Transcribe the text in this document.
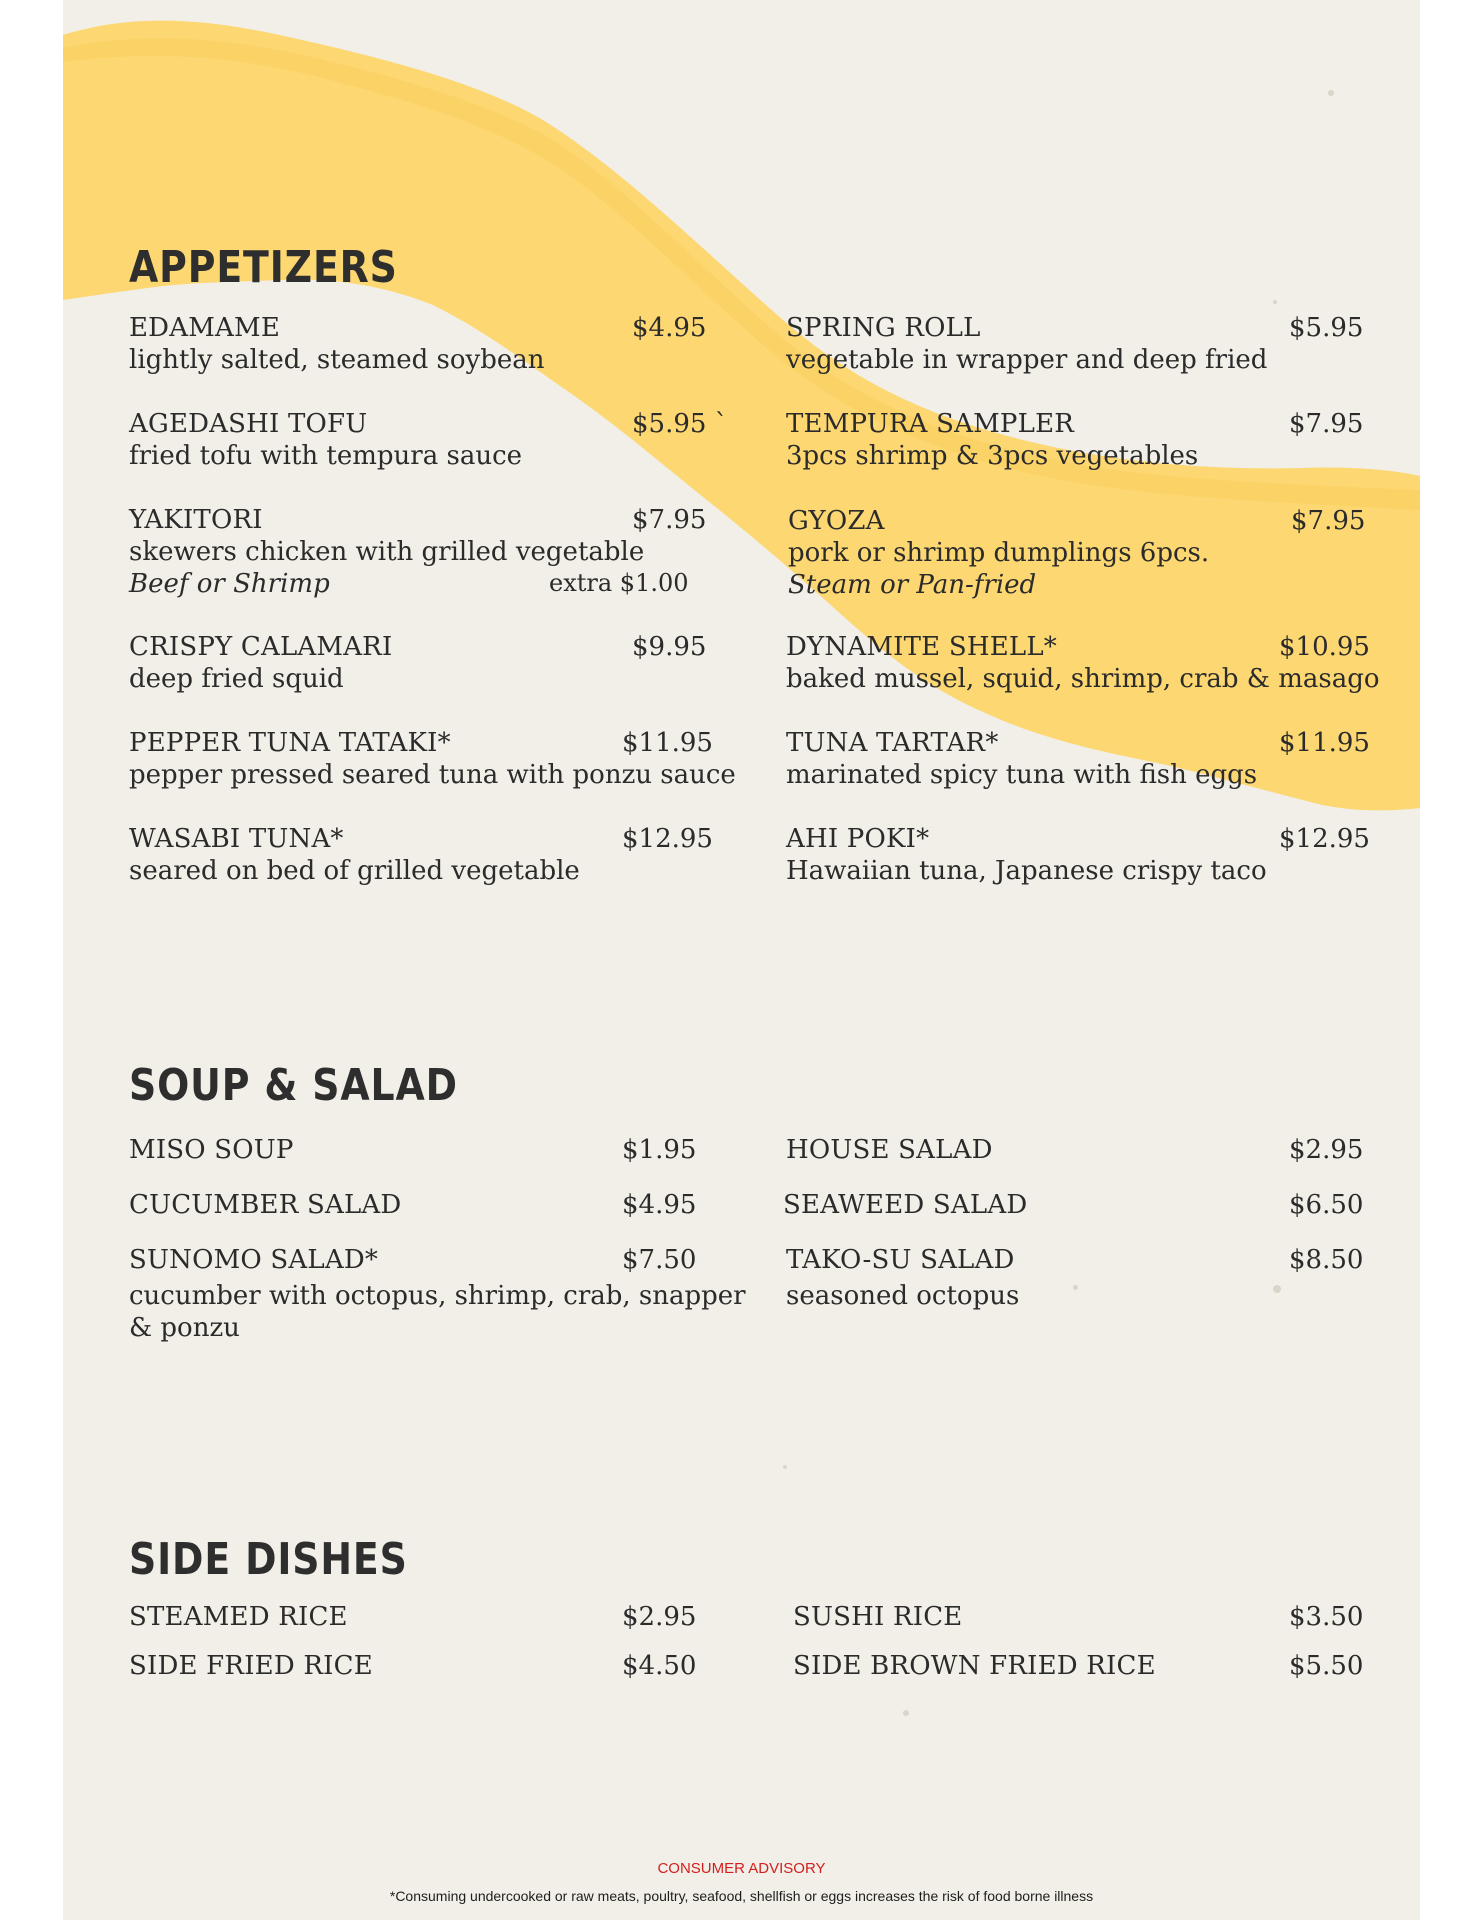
APPETIZERS
EDAMAME	$4.95
lightly salted, steamed soybean
AGEDASHI TOFU	$5.95 `
fried tofu with tempura sauce
YAKITORI	$7.95
skewers chicken with grilled vegetable
Beef or Shrimp	extra $1.00
CRISPY CALAMARI	$9.95
deep fried squid
PEPPER TUNA TATAKI*	$11.95
pepper pressed seared tuna with ponzu sauce
WASABI TUNA*	$12.95
seared on bed of grilled vegetable
SPRING ROLL	$5.95
vegetable in wrapper and deep fried
TEMPURA SAMPLER	$7.95
3pcs shrimp & 3pcs vegetables
GYOZA	$7.95
pork or shrimp dumplings 6pcs.
Steam or Pan-fried
DYNAMITE SHELL*	$10.95
baked mussel, squid, shrimp, crab & masago
TUNA TARTAR*	$11.95
marinated spicy tuna with fish eggs
AHI POKI*	$12.95
Hawaiian tuna, Japanese crispy taco
SOUP & SALAD
MISO SOUP	$1.95
CUCUMBER SALAD	$4.95
SUNOMO SALAD*	$7.50
cucumber with octopus, shrimp, crab, snapper
& ponzu
HOUSE SALAD	$2.95
SEAWEED SALAD	$6.50
TAKO-SU SALAD	$8.50
seasoned octopus
SIDE DISHES
STEAMED RICE	$2.95
SIDE FRIED RICE	$4.50
SUSHI RICE	$3.50
SIDE BROWN FRIED RICE	$5.50
CONSUMER ADVISORY
*Consuming undercooked or raw meats, poultry, seafood, shellfish or eggs increases the risk of food borne illness
